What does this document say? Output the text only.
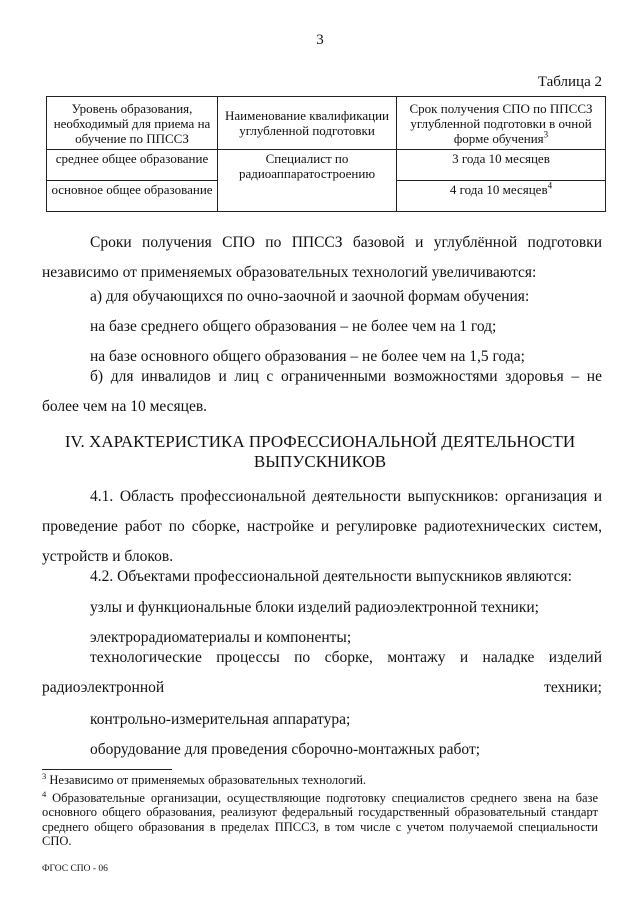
3
Таблица 2
Уровень образования, необходимый для приема на обучение по ППССЗ	Наименование квалификации углубленной подготовки	Срок получения СПО по ППССЗ углубленной подготовки в очной форме обучения$^3$
среднее общее образование	Специалист по радиоаппаратостроению	3 года 10 месяцев
основное общее образование		4 года 10 месяцев$^4$
Сроки получения СПО по ППССЗ базовой и углублённой подготовки независимо от применяемых образовательных технологий увеличиваются:
а) для обучающихся по очно-заочной и заочной формам обучения:
на базе среднего общего образования – не более чем на 1 год;
на базе основного общего образования – не более чем на 1,5 года;
б) для инвалидов и лиц с ограниченными возможностями здоровья – не более чем на 10 месяцев.
IV. ХАРАКТЕРИСТИКА ПРОФЕССИОНАЛЬНОЙ ДЕЯТЕЛЬНОСТИ
ВЫПУСКНИКОВ
4.1. Область профессиональной деятельности выпускников: организация и проведение работ по сборке, настройке и регулировке радиотехнических систем, устройств и блоков.
4.2. Объектами профессиональной деятельности выпускников являются:
узлы и функциональные блоки изделий радиоэлектронной техники;
электрорадиоматериалы и компоненты;
технологические процессы по сборке, монтажу и наладке изделий радиоэлектронной техники;
контрольно-измерительная аппаратура;
оборудование для проведения сборочно-монтажных работ;
$^3$ Независимо от применяемых образовательных технологий.
$^4$ Образовательные организации, осуществляющие подготовку специалистов среднего звена на базе основного общего образования, реализуют федеральный государственный образовательный стандарт среднего общего образования в пределах ППССЗ, в том числе с учетом получаемой специальности СПО.
ФГОС СПО - 06
